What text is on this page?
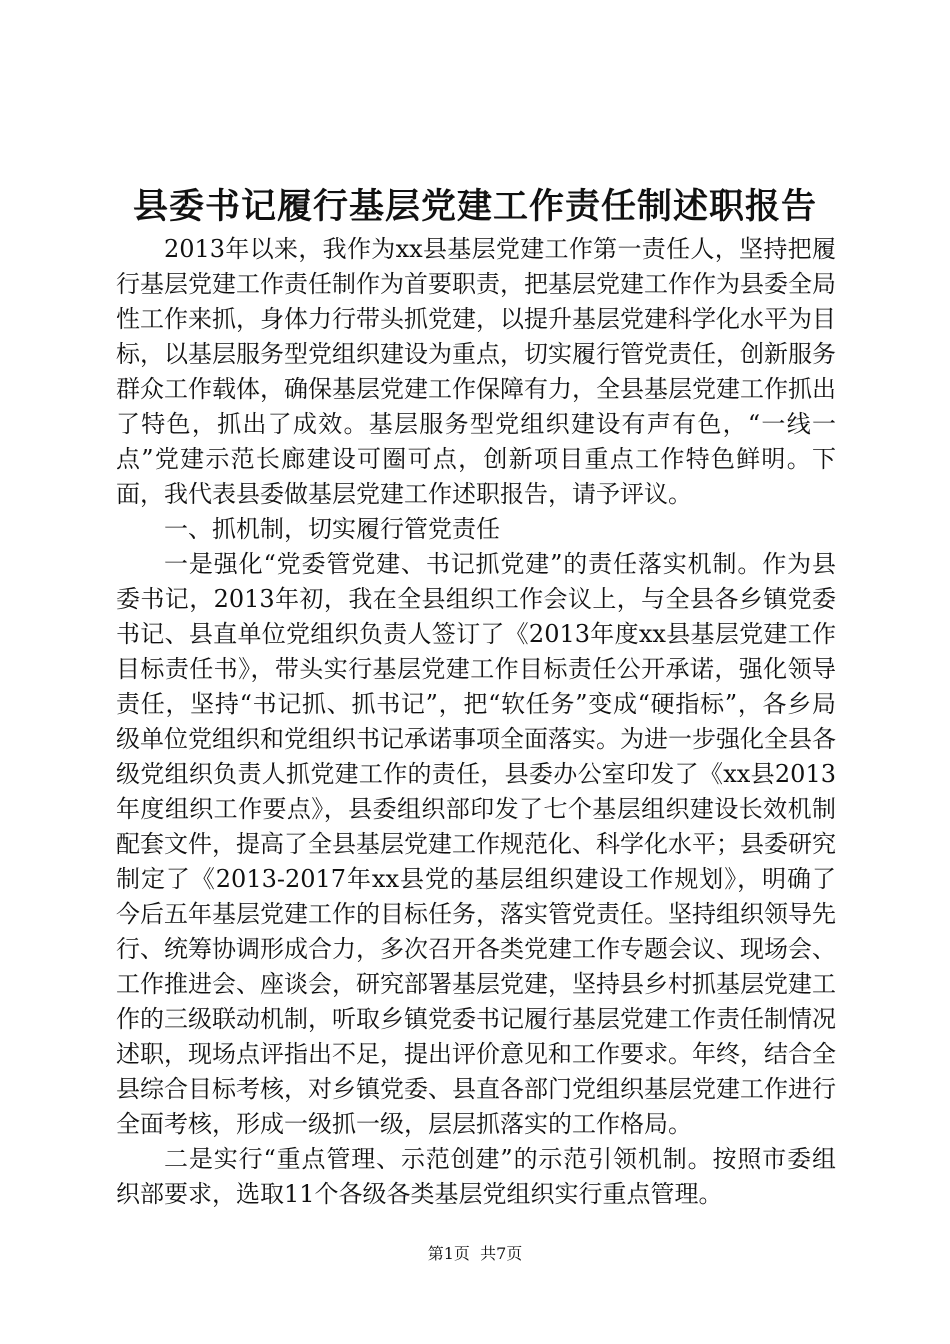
县委书记履行基层党建工作责任制述职报告

2013年以来，我作为xx县基层党建工作第一责任人，坚持把履行基层党建工作责任制作为首要职责，把基层党建工作作为县委全局性工作来抓，身体力行带头抓党建，以提升基层党建科学化水平为目标，以基层服务型党组织建设为重点，切实履行管党责任，创新服务群众工作载体，确保基层党建工作保障有力，全县基层党建工作抓出了特色，抓出了成效。基层服务型党组织建设有声有色，“一线一点”党建示范长廊建设可圈可点，创新项目重点工作特色鲜明。下面，我代表县委做基层党建工作述职报告，请予评议。

一、抓机制，切实履行管党责任

一是强化“党委管党建、书记抓党建”的责任落实机制。作为县委书记，2013年初，我在全县组织工作会议上，与全县各乡镇党委书记、县直单位党组织负责人签订了《2013年度xx县基层党建工作目标责任书》，带头实行基层党建工作目标责任公开承诺，强化领导责任，坚持“书记抓、抓书记”，把“软任务”变成“硬指标”，各乡局级单位党组织和党组织书记承诺事项全面落实。为进一步强化全县各级党组织负责人抓党建工作的责任，县委办公室印发了《xx县2013年度组织工作要点》，县委组织部印发了七个基层组织建设长效机制配套文件，提高了全县基层党建工作规范化、科学化水平；县委研究制定了《2013-2017年xx县党的基层组织建设工作规划》，明确了今后五年基层党建工作的目标任务，落实管党责任。坚持组织领导先行、统筹协调形成合力，多次召开各类党建工作专题会议、现场会、工作推进会、座谈会，研究部署基层党建，坚持县乡村抓基层党建工作的三级联动机制，听取乡镇党委书记履行基层党建工作责任制情况述职，现场点评指出不足，提出评价意见和工作要求。年终，结合全县综合目标考核，对乡镇党委、县直各部门党组织基层党建工作进行全面考核，形成一级抓一级，层层抓落实的工作格局。

二是实行“重点管理、示范创建”的示范引领机制。按照市委组织部要求，选取11个各级各类基层党组织实行重点管理。

第1页  共7页
